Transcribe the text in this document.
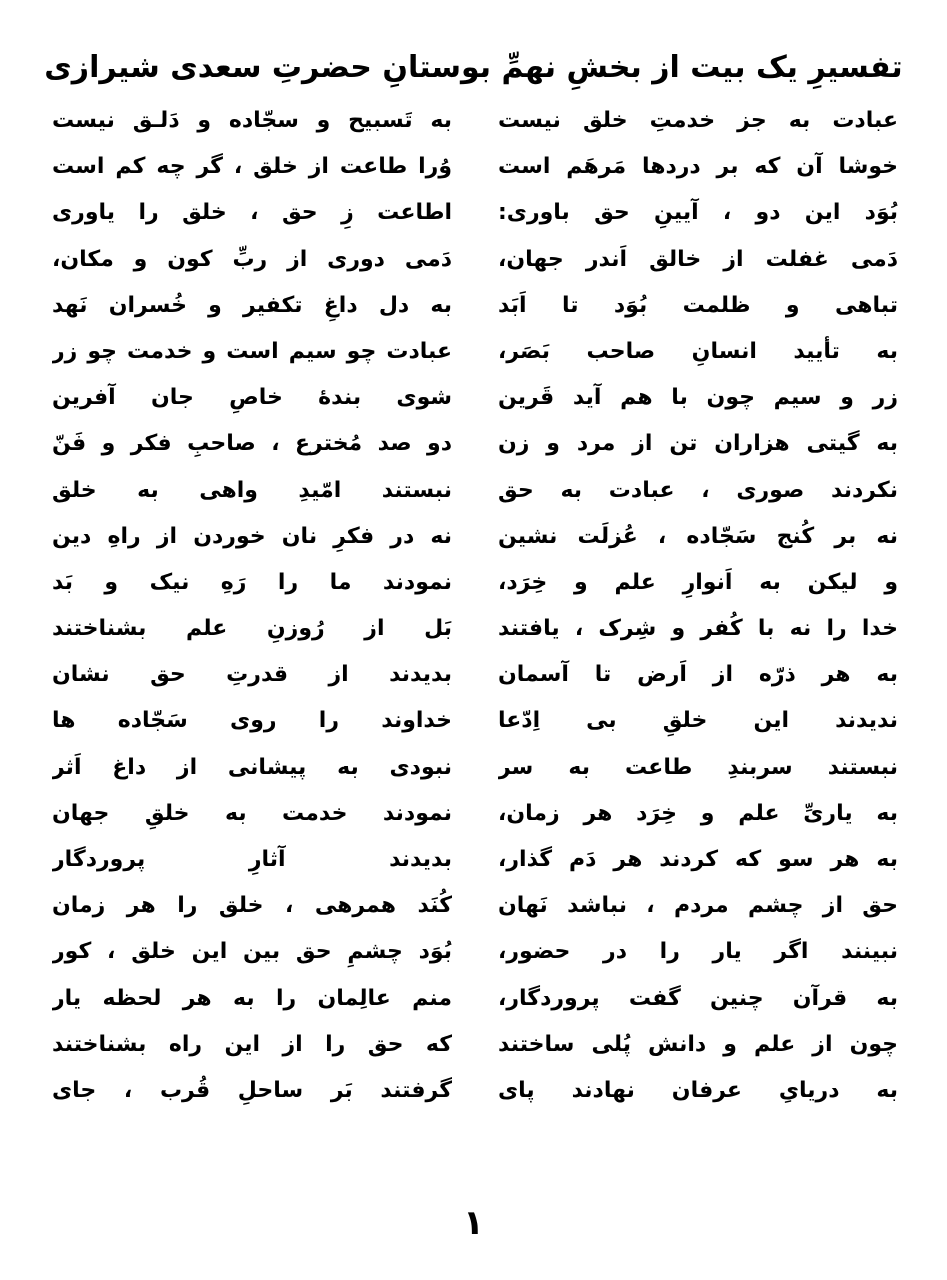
تفسیرِ یک بیت از بخشِ نهمِّ بوستانِ حضرتِ سعدی شیرازی
عبادت به جز خدمتِ خلق نیست
خوشا آن که بر دردها مَرهَم است
بُوَد این دو ، آیینِ حق باوری:
دَمی غفلت از خالق اَندر جهان،
تباهی و ظلمت بُوَد تا اَبَد
به تأیید انسانِ صاحب بَصَر،
زر و سیم چون با هم آید قَرین
به گیتی هزاران تن از مرد و زن
نکردند صوری ، عبادت به حق
نه بر کُنج سَجّاده ، عُزلَت نشین
و لیکن به اَنوارِ علم و خِرَد،
خدا را نه با کُفر و شِرک ، یافتند
به هر ذرّه از اَرض تا آسمان
ندیدند این خلقِ بی اِدّعا
نبستند سربندِ طاعت به سر
به یاریِّ علم و خِرَد هر زمان،
به هر سو که کردند هر دَم گذار،
حق از چشم مردم ، نباشد نَهان
نبینند اگر یار را در حضور،
به قرآن چنین گفت پروردگار،
چون از علم و دانش پُلی ساختند
به دریایِ عرفان نهادند پای
به تَسبیح و سجّاده و دَلـق نیست
وُرا طاعت از خلق ، گر چه کم است
اطاعت زِ حق ، خلق را یاوری
دَمی دوری از ربِّ کون و مکان،
به دل داغِ تکفیر و خُسران نَهد
عبادت چو سیم است و خدمت چو زر
شوی بندهٔ خاصِ جان آفرین
دو صد مُخترع ، صاحبِ فکر و فَنّ
نبستند امّیدِ واهی به خلق
نه در فکرِ نان خوردن از راهِ دین
نمودند ما را رَهِ نیک و بَد
بَل از رُوزنِ علم بشناختند
بدیدند از قدرتِ حق نشان
خداوند را روی سَجّاده ها
نبودی به پیشانی از داغ اَثر
نمودند خدمت به خلقِ جهان
بدیدند آثارِ پروردگار
کُنَد همرهی ، خلق را هر زمان
بُوَد چشمِ حق بین این خلق ، کور
منم عالِمان را به هر لحظه یار
که حق را از این راه بشناختند
گرفتند بَر ساحلِ قُرب ، جای
۱
